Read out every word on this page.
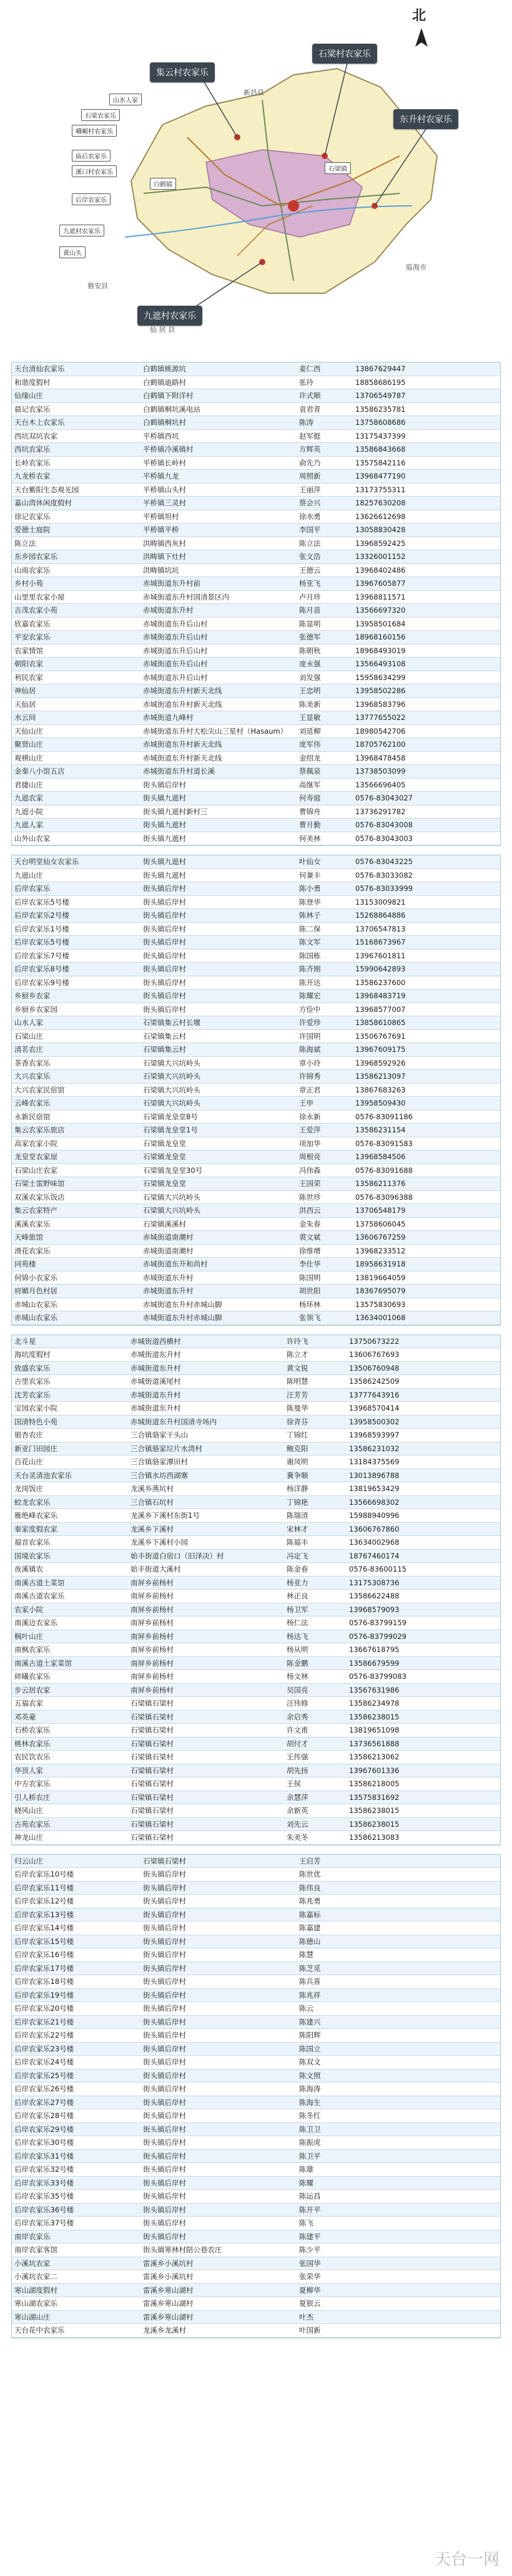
北
集云村农家乐
石梁村农家乐
东升村农家乐
九遮村农家乐
山水人家
石梁农家乐
峨嵋村农家乐
庙后农家乐
溪口村农家乐
后岸农家乐
九遮村农家乐
黄山头
白鹤镇
石梁镇
新昌县
磐安县
仙 居 县
临海市
天台清仙农家乐	白鹤镇桃源坑	姜仁西	13867629447
和谐度假村	白鹤镇迪路村	张玲	18858686195
仙缘山庄	白鹤镇下附洋村	许式顺	13706549787
晨记农家乐	白鹤镇桐坑溪电站	袁君青	13586235781
天台木上农家乐	白鹤镇桐坑村	陈涛	13758608686
西坑双坑农家	平桥镇西坑	赵军挺	13175437399
西坑农家乐	平桥镇冷溪镇村	方辉英	13586843668
长岭农家乐	平桥镇长岭村	俞先乃	13575842116
九龙桥农家	平桥镇九龙	周照新	13968477190
天台紫阳生态观光园	平桥镇山头村	王丽萍	13173755311
嘉山湾休闲度假村	平桥镇三灵村	蔡会兴	18257630208
徐记农家乐	平桥镇坦村	徐水勇	13626612698
爱德士庭院	平桥镇平桥	李国平	13058830428
陈立法	洪畴镇西灰村	陈立法	13968592425
东乡园农家乐	洪畴镇下灶村	张文浩	13326001152
山雨农家乐	洪畴镇坑坑	王德云	13968402486
乡村小苑	赤城街道东升村前	杨亚飞	13967605877
山里里农家小屋	赤城街道东升村国清景区内	卢月珍	13968811571
吉茂农家小苑	赤城街道东升村	陈月苗	13566697320
欣嘉农家乐	赤城街道东升后山村	陈显明	13958501684
平安农家乐	赤城街道东升后山村	张德军	18968160156
农家情馆	赤城街道东升后山村	陈朝秋	18968493019
朝阳农家	赤城街道东升后山村	庞永强	13566493108
利民农家	赤城街道东升后山村	刘发强	15958634299
神仙居	赤城街道东升村新天北线	王忠明	13958502286
天仙居	赤城街道东升村新天北线	陈美新	13968583796
水云间	赤城街道九峰村	王显敏	13777655022
天仙山庄	赤城街道东升村大松尖山三星村（Hasaum）	刘延柳	18980542706
聚贤山庄	赤城街道东升村新天北线	庞军伟	18705762100
观棋山庄	赤城街道东升村新天北线	金绍龙	13968478458
金秦八小馆五店	赤城街道东升村道长溪	蔡佩泉	13738503099
君捷山庄	街头镇后岸村	高继军	13566696405
九遮农家	街头镇九遮村	何寿庭	0576-83043027
九遮小院	街头镇九遮村新村三	曹锦舟	13736291782
九遮人家	街头镇九遮村	曹月勤	0576-83043008
山外山农家	街头镇九遮村	何美林	0576-83043003
天台明堂仙女农家乐	街头镇九遮村	叶仙女	0576-83043225
九遮山庄	街头镇九遮村	何兼丰	0576-83033082
后岸农家乐	街头镇后岸村	陈小勇	0576-83033999
后岸农家乐5号楼	街头镇后岸村	陈登华	13153009821
后岸农家乐2号楼	街头镇后岸村	陈林子	15268864886
后岸农家乐1号楼	街头镇后岸村	陈二保	13706547813
后岸农家乐5号楼	街头镇后岸村	陈文军	15168673967
后岸农家乐7号楼	街头镇后岸村	陈国栋	13967601811
后岸农家乐8号楼	街头镇后岸村	陈齐刚	15990642893
后岸农家乐9号楼	街头镇后岸村	陈开达	13586237600
乡厨乡农家	街头镇后岸村	陈耀宏	13968483719
乡厨乡农家园	街头镇后岸村	方俭中	13968577007
山水人家	石梁镇集云村长堰	许爱珍	13858610865
石梁山庄	石梁镇集云村	许国明	13506767691
清茗农庄	石梁镇集云村	陈海斌	13967609175
茶香农家乐	石梁镇大兴坑岭头	章小玲	13968592926
大兴农家乐	石梁镇大兴坑岭头	许锦秀	13586213097
大兴农家民宿馆	石梁镇大兴坑岭头	章正君	13867683263
云峰农家乐	石梁镇大兴坑岭头	王申	13958509430
永新民宿馆	石梁镇龙皇堂8号	徐永新	0576-83091186
集云农家乐旅店	石梁镇龙皇堂1号	王爱萍	13586231154
高家农家小院	石梁镇龙皇堂	项加华	0576-83091583
龙皇堂农家屋	石梁镇龙皇堂	周根亮	13968584506
石梁山庄农家	石梁镇龙皇堂30号	冯伟森	0576-83091688
石梁士雷野味馆	石梁镇龙皇堂	王国荣	13586211376
双溪农家乐饭店	石梁镇大兴坑岭头	陈世珍	0576-83096388
集云农家特产	石梁镇大兴坑岭头	洪西云	13706548179
溪溪农家乐	石梁镇溪溪村	金朱春	13758606045
天峰旅馆	赤城街道南潮村	裘文斌	13606767259
滑花农家乐	赤城街道南潮村	徐维增	13968233512
同苑楼	赤城街道东升和尚村	李仕华	18958631918
何锦小农家乐	赤城街道东升村	陈国明	13819664059
府媚月色村居	赤城街道东升村	胡世阳	18367695079
赤城山农家乐	赤城街道东升村赤城山脚	杨环林	13575830693
赤城山农家乐	赤城街道东升村赤城山脚	张领飞	13634001068
北斗星	赤城街道西横村	许玲飞	13750673222
海坑度假村	赤城街道东升村	陈立才	13606767693
致盛农家乐	赤城街道东升村	黄文锐	13506760948
古里农家乐	赤城街道溪尾村	陈明慧	13586242509
沈芳农家乐	赤城街道东升村	汪芳芳	13777643916
宝园农家小院	赤城街道东升村	陈曼华	13968570414
国清特色小苑	赤城街道东升村国清寺场内	徐青芬	13958500302
银杏农庄	三合镇骆家干头山	丁锦红	13968593997
新亚门田园庄	三合镇骆家垃片水湾村	鲍克阳	13586231032
百花山庄	三合镇骆家潭田村	谢凤明	13184375569
天台灵清池农家乐	三合镇水坊西湖寨	冀争顺	13013896788
龙岗饭庄	龙溪乡燕坑村	杨洋静	13819653429
蛟龙农家乐	三合镇石坑村	丁锦艳	13566698302
雁绝峰农家乐	龙溪乡下溪村东街1号	陈瑞清	15988940996
秦家度假农家	龙溪乡下溪村	宋林才	13606767860
福音农家乐	龙溪乡下溪村小园	陈福丰	13634002968
国境农家乐	始丰街道白宿口（旧泽决）村	冯定飞	18767460174
夜溪镇农	始丰街道大溪村	陈金春	0576-83600115
南溪古道土菜馆	南屏乡前杨村	杨亚力	13175308736
南溪古道农家乐	南屏乡前杨村	林正良	13586622488
农家小院	南屏乡前杨村	杨卫军	13968579093
南溪边农家乐	南屏乡前杨村	杨仁法	0576-83799159
枫叶山庄	南屏乡前杨村	杨达飞	0576-83799029
南枫农家乐	南屏乡前杨村	杨从明	13667618795
南溪古道土家菜馆	南屏乡前杨村	陈金鹏	13586679599
碎曦农家乐	南屏乡前杨村	杨文林	0576-83799083
步云居农家	南屏乡前杨村	吴国亮	13567631986
五福农家	石梁镇石梁村	汪伟修	13586234978
邓英豪	石梁镇石梁村	余启秀	13586238015
石桥农家乐	石梁镇石梁村	许文甫	13819651098
桃林农家乐	石梁镇石梁村	胡付才	13736561888
农民饮农乐	石梁镇石梁村	王传强	13586213062
华顶人家	石梁镇石梁村	胡先扬	13967601336
中方农家乐	石梁镇石梁村	王侯	13586218005
引人桥农庄	石梁镇石梁村	余慧萍	13575831692
晓风山庄	石梁镇石梁村	余新英	13586238015
古苑农家乐	石梁镇石梁村	刘先云	13586238015
神龙山庄	石梁镇石梁村	朱美冬	13586213083
归云山庄	石梁镇石梁村	王启芳
后岸农家乐10号楼	街头镇后岸村	陈世优
后岸农家乐11号楼	街头镇后岸村	陈伟良
后岸农家乐12号楼	街头镇后岸村	陈兆勇
后岸农家乐13号楼	街头镇后岸村	陈嘉标
后岸农家乐14号楼	街头镇后岸村	陈嘉建
后岸农家乐15号楼	街头镇后岸村	陈德山
后岸农家乐16号楼	街头镇后岸村	陈慧
后岸农家乐17号楼	街头镇后岸村	陈芝觅
后岸农家乐18号楼	街头镇后岸村	陈兵喜
后岸农家乐19号楼	街头镇后岸村	陈兆祥
后岸农家乐20号楼	街头镇后岸村	陈云
后岸农家乐21号楼	街头镇后岸村	陈建兴
后岸农家乐22号楼	街头镇后岸村	陈阳辉
后岸农家乐23号楼	街头镇后岸村	陈国立
后岸农家乐24号楼	街头镇后岸村	陈双文
后岸农家乐25号楼	街头镇后岸村	陈文照
后岸农家乐26号楼	街头镇后岸村	陈海涛
后岸农家乐27号楼	街头镇后岸村	陈海生
后岸农家乐28号楼	街头镇后岸村	陈冬红
后岸农家乐29号楼	街头镇后岸村	陈卫卫
后岸农家乐30号楼	街头镇后岸村	陈振虎
后岸农家乐31号楼	街头镇后岸村	陈卫平
后岸农家乐32号楼	街头镇后岸村	陈雄
后岸农家乐33号楼	街头镇后岸村	陈耀
后岸农家乐35号楼	街头镇后岸村	陈运昌
后岸农家乐36号楼	街头镇后岸村	陈开平
后岸农家乐37号楼	街头镇后岸村	陈飞
南岸农家乐	街头镇后岸村	陈建平
南岸农家客馆	街头镇寒林村陪公巷农庄	陈少平
小溪坑农家	雷溪乡小溪坑村	张国华
小溪坑农家二	雷溪乡小溪坑村	张荣华
寒山湖度假村	雷溪乡寒山湖村	夏柳华
寒山湖农家乐	雷溪乡寒山湖村	夏银云
寒山湖山庄	雷溪乡寒山湖村	叶杰
天台花中农家乐	龙溪乡龙溪村	叶国新
天台一网
